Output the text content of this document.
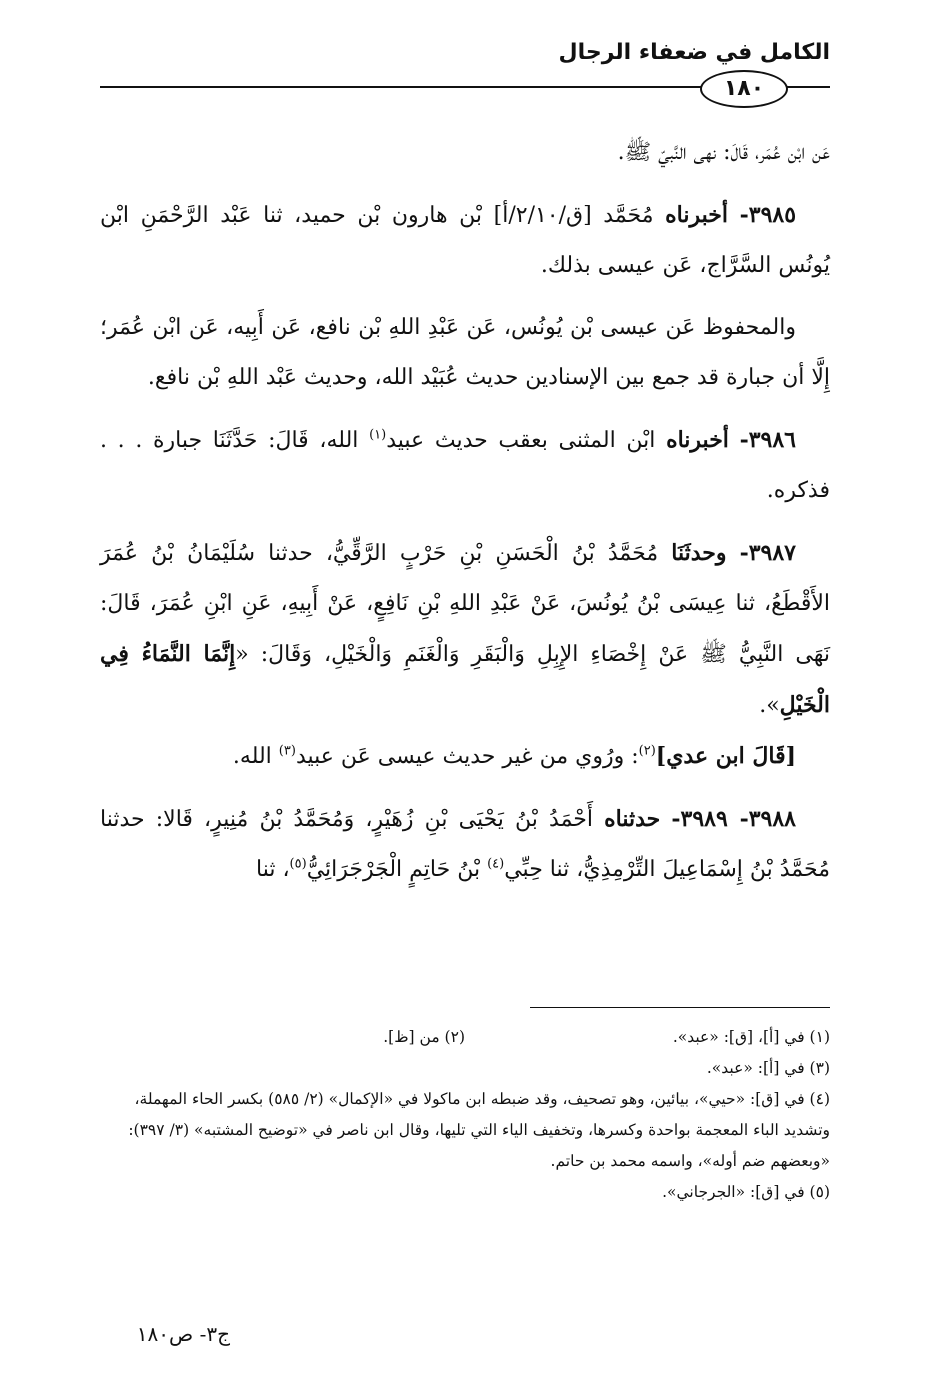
الكامل في ضعفاء الرجال
١٨٠

عَن ابْن عُمَر، قَالَ: نهى النَّبيّ ﷺ.

٣٩٨٥- أخبرناه مُحَمَّد [ق/٢/١٠/أ] بْن هارون بْن حميد، ثنا عَبْد الرَّحْمَنِ ابْن يُونُس السَّرَّاج، عَن عيسى بذلك.

والمحفوظ عَن عيسى بْن يُونُس، عَن عَبْدِ اللهِ بْن نافع، عَن أَبِيه، عَن ابْن عُمَر؛ إِلَّا أن جبارة قد جمع بين الإسنادين حديث عُبَيْد الله، وحديث عَبْد اللهِ بْن نافع.

٣٩٨٦- أخبرناه ابْن المثنى بعقب حديث عبيد$^{(١)}$ الله، قَالَ: حَدَّثَنَا جبارة . . . فذكره.

٣٩٨٧- وحدثَنَا مُحَمَّدُ بْنُ الْحَسَنِ بْنِ حَرْبٍ الرَّقِّيُّ، حدثنا سُلَيْمَانُ بْنُ عُمَرَ الأَقْطَعُ، ثنا عِيسَى بْنُ يُونُسَ، عَنْ عَبْدِ اللهِ بْنِ نَافِعٍ، عَنْ أَبِيهِ، عَنِ ابْنِ عُمَرَ، قَالَ: نَهَى النَّبِيُّ ﷺ عَنْ إِخْصَاءِ الإِبِلِ وَالْبَقَرِ وَالْغَنَمِ وَالْخَيْلِ، وَقَالَ: «إِنَّمَا النَّمَاءُ فِي الْخَيْلِ».

[قَالَ ابن عدي]$^{(٢)}$: ورُوي من غير حديث عيسى عَن عبيد$^{(٣)}$ الله.

٣٩٨٨- ٣٩٨٩- حدثناه أَحْمَدُ بْنُ يَحْيَى بْنِ زُهَيْرٍ، وَمُحَمَّدُ بْنُ مُنِيرٍ، قَالا: حدثنا مُحَمَّدُ بْنُ إِسْمَاعِيلَ التِّرْمِذِيُّ، ثنا حِبِّي$^{(٤)}$ بْنُ حَاتِمٍ الْجَرْجَرَائِيُّ$^{(٥)}$، ثنا

(١) في [أ]، [ق]: «عبد».
(٢) من [ظ].

(٣) في [أ]: «عبد».

(٤) في [ق]: «حيي»، بيائين، وهو تصحيف، وقد ضبطه ابن ماكولا في «الإكمال» (٢/ ٥٨٥) بكسر الحاء المهملة، وتشديد الباء المعجمة بواحدة وكسرها، وتخفيف الياء التي تليها، وقال ابن ناصر في «توضيح المشتبه» (٣/ ٣٩٧): «وبعضهم ضم أوله»، واسمه محمد بن حاتم.

(٥) في [ق]: «الجرجاني».

ج٣- ص١٨٠
